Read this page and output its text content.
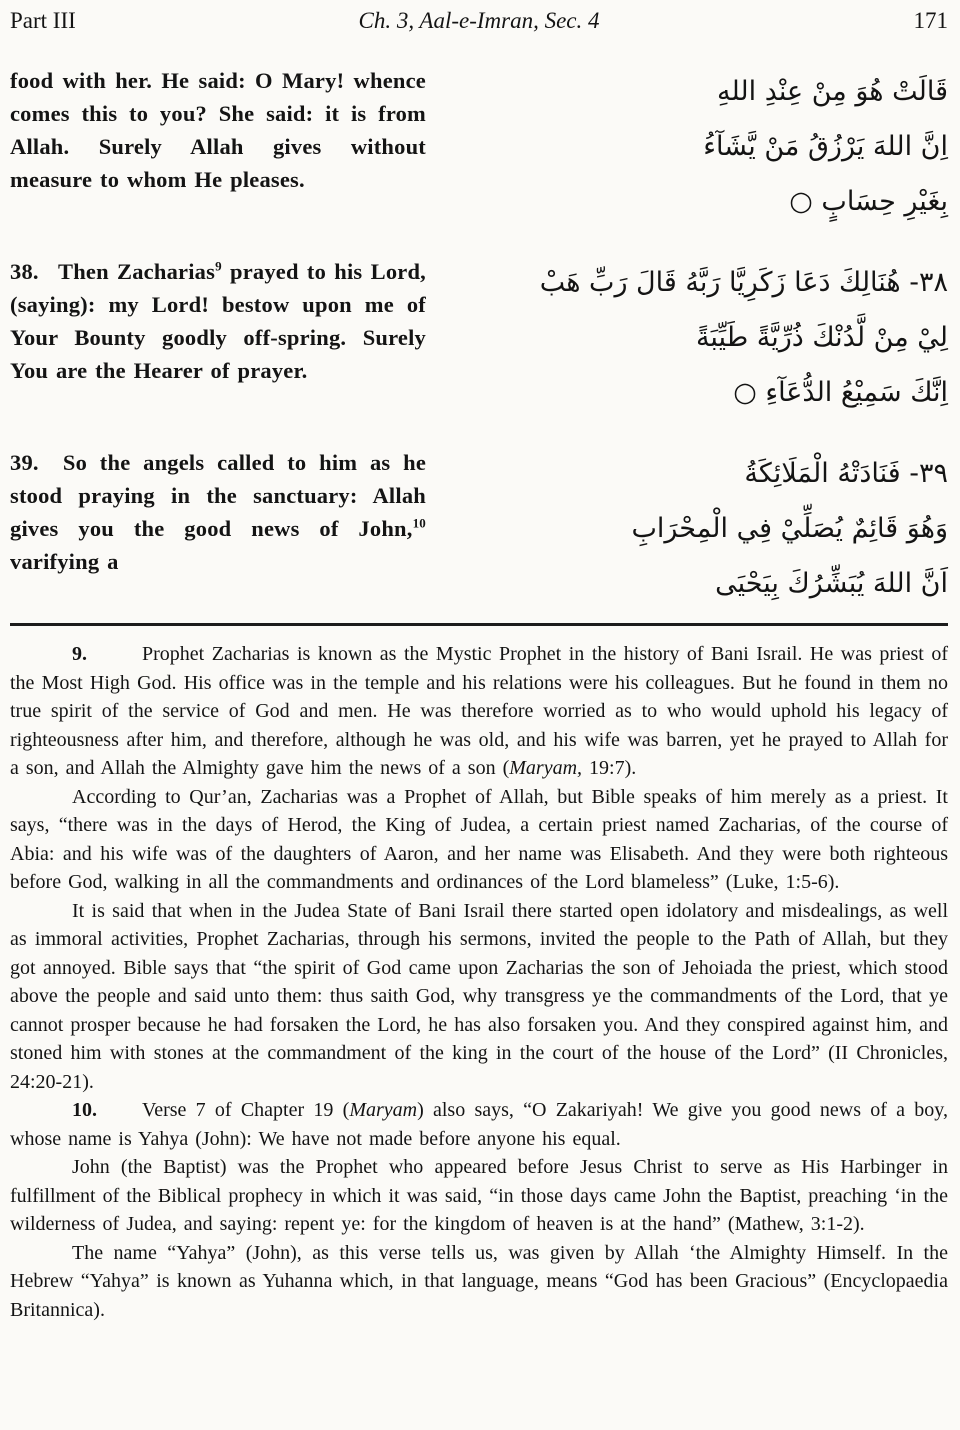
Part III	Ch. 3, Aal-e-Imran, Sec. 4	171

food with her. He said: O Mary! whence comes this to you? She said: it is from Allah. Surely Allah gives without measure to whom He pleases.

قَالَتْ هُوَ مِنْ عِنْدِ اللهِ
اِنَّ اللهَ يَرْزُقُ مَنْ يَّشَآءُ
بِغَيْرِ حِسَابٍ ○

38.  Then Zacharias$^9$ prayed to his Lord, (saying): my Lord! bestow upon me of Your Bounty goodly off-spring. Surely You are the Hearer of prayer.

٣٨- هُنَالِكَ دَعَا زَكَرِيَّا رَبَّهُ قَالَ رَبِّ هَبْ
لِيْ مِنْ لَّدُنْكَ ذُرِّيَّةً طَيِّبَةً
اِنَّكَ سَمِيْعُ الدُّعَآءِ ○

39.  So the angels called to him as he stood praying in the sanctuary: Allah gives you the good news of John,$^{10}$ varifying a

٣٩- فَنَادَتْهُ الْمَلَائِكَةُ
وَهُوَ قَائِمٌ يُصَلِّيْ فِي الْمِحْرَابِ
اَنَّ اللهَ يُبَشِّرُكَ بِيَحْيَى

9.	Prophet Zacharias is known as the Mystic Prophet in the history of Bani Israil. He was priest of the Most High God. His office was in the temple and his relations were his colleagues. But he found in them no true spirit of the service of God and men. He was therefore worried as to who would uphold his legacy of righteousness after him, and therefore, although he was old, and his wife was barren, yet he prayed to Allah for a son, and Allah the Almighty gave him the news of a son (Maryam, 19:7).

According to Qur’an, Zacharias was a Prophet of Allah, but Bible speaks of him merely as a priest. It says, “there was in the days of Herod, the King of Judea, a certain priest named Zacharias, of the course of Abia: and his wife was of the daughters of Aaron, and her name was Elisabeth. And they were both righteous before God, walking in all the commandments and ordinances of the Lord blameless” (Luke, 1:5-6).

It is said that when in the Judea State of Bani Israil there started open idolatory and misdealings, as well as immoral activities, Prophet Zacharias, through his sermons, invited the people to the Path of Allah, but they got annoyed. Bible says that “the spirit of God came upon Zacharias the son of Jehoiada the priest, which stood above the people and said unto them: thus saith God, why transgress ye the commandments of the Lord, that ye cannot prosper because he had forsaken the Lord, he has also forsaken you. And they conspired against him, and stoned him with stones at the commandment of the king in the court of the house of the Lord” (II Chronicles, 24:20-21).

10. Verse 7 of Chapter 19 (Maryam) also says, “O Zakariyah! We give you good news of a boy, whose name is Yahya (John): We have not made before anyone his equal.

John (the Baptist) was the Prophet who appeared before Jesus Christ to serve as His Harbinger in fulfillment of the Biblical prophecy in which it was said, “in those days came John the Baptist, preaching ‘in the wilderness of Judea, and saying: repent ye: for the kingdom of heaven is at the hand” (Mathew, 3:1-2).

The name “Yahya” (John), as this verse tells us, was given by Allah ‘the Almighty Himself. In the Hebrew “Yahya” is known as Yuhanna which, in that language, means “God has been Gracious” (Encyclopaedia Britannica).
